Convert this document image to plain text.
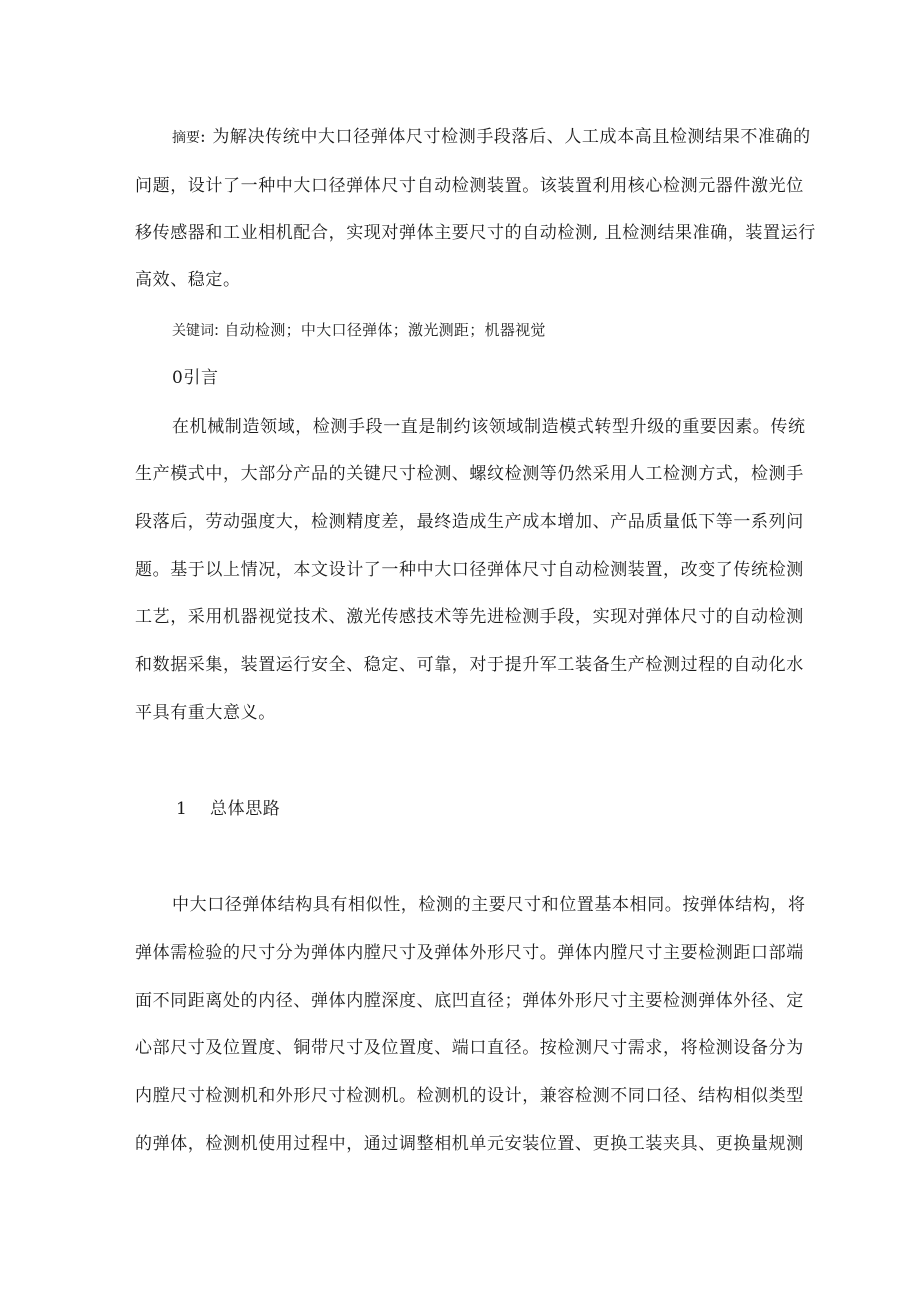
摘要: 为解决传统中大口径弹体尺寸检测手段落后、人工成本高且检测结果不准确的
问题，设计了一种中大口径弹体尺寸自动检测装置。该装置利用核心检测元器件激光位
移传感器和工业相机配合，实现对弹体主要尺寸的自动检测, 且检测结果准确，装置运行
高效、稳定。
关键词: 自动检测；中大口径弹体；激光测距；机器视觉
0引言
在机械制造领域，检测手段一直是制约该领域制造模式转型升级的重要因素。传统
生产模式中，大部分产品的关键尺寸检测、螺纹检测等仍然采用人工检测方式，检测手
段落后，劳动强度大，检测精度差，最终造成生产成本增加、产品质量低下等一系列问
题。基于以上情况，本文设计了一种中大口径弹体尺寸自动检测装置，改变了传统检测
工艺，采用机器视觉技术、激光传感技术等先进检测手段，实现对弹体尺寸的自动检测
和数据采集，装置运行安全、稳定、可靠，对于提升军工装备生产检测过程的自动化水
平具有重大意义。
1 总体思路
中大口径弹体结构具有相似性，检测的主要尺寸和位置基本相同。按弹体结构，将
弹体需检验的尺寸分为弹体内膛尺寸及弹体外形尺寸。弹体内膛尺寸主要检测距口部端
面不同距离处的内径、弹体内膛深度、底凹直径；弹体外形尺寸主要检测弹体外径、定
心部尺寸及位置度、铜带尺寸及位置度、端口直径。按检测尺寸需求，将检测设备分为
内膛尺寸检测机和外形尺寸检测机。检测机的设计，兼容检测不同口径、结构相似类型
的弹体，检测机使用过程中，通过调整相机单元安装位置、更换工装夹具、更换量规测
